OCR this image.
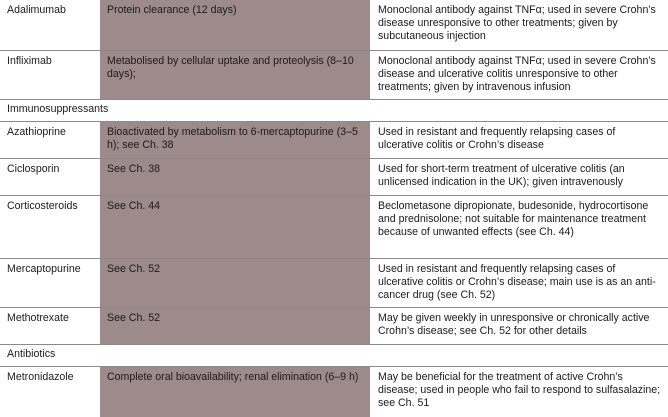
Adalimumab	Protein clearance (12 days)	Monoclonal antibody against TNFα; used in severe Crohn’s disease unresponsive to other treatments; given by subcutaneous injection
Infliximab	Metabolised by cellular uptake and proteolysis (8–10 days);	Monoclonal antibody against TNFα; used in severe Crohn’s disease and ulcerative colitis unresponsive to other treatments; given by intravenous infusion
Immunosuppressants		
Azathioprine	Bioactivated by metabolism to 6-mercaptopurine (3–5 h); see Ch. 38	Used in resistant and frequently relapsing cases of ulcerative colitis or Crohn’s disease
Ciclosporin	See Ch. 38	Used for short-term treatment of ulcerative colitis (an unlicensed indication in the UK); given intravenously
Corticosteroids	See Ch. 44	Beclometasone dipropionate, budesonide, hydrocortisone and prednisolone; not suitable for maintenance treatment because of unwanted effects (see Ch. 44)
Mercaptopurine	See Ch. 52	Used in resistant and frequently relapsing cases of ulcerative colitis or Crohn’s disease; main use is as an anti-cancer drug (see Ch. 52)
Methotrexate	See Ch. 52	May be given weekly in unresponsive or chronically active Crohn’s disease; see Ch. 52 for other details
Antibiotics		
Metronidazole	Complete oral bioavailability; renal elimination (6–9 h)	May be beneficial for the treatment of active Crohn’s disease; used in people who fail to respond to sulfasalazine; see Ch. 51
